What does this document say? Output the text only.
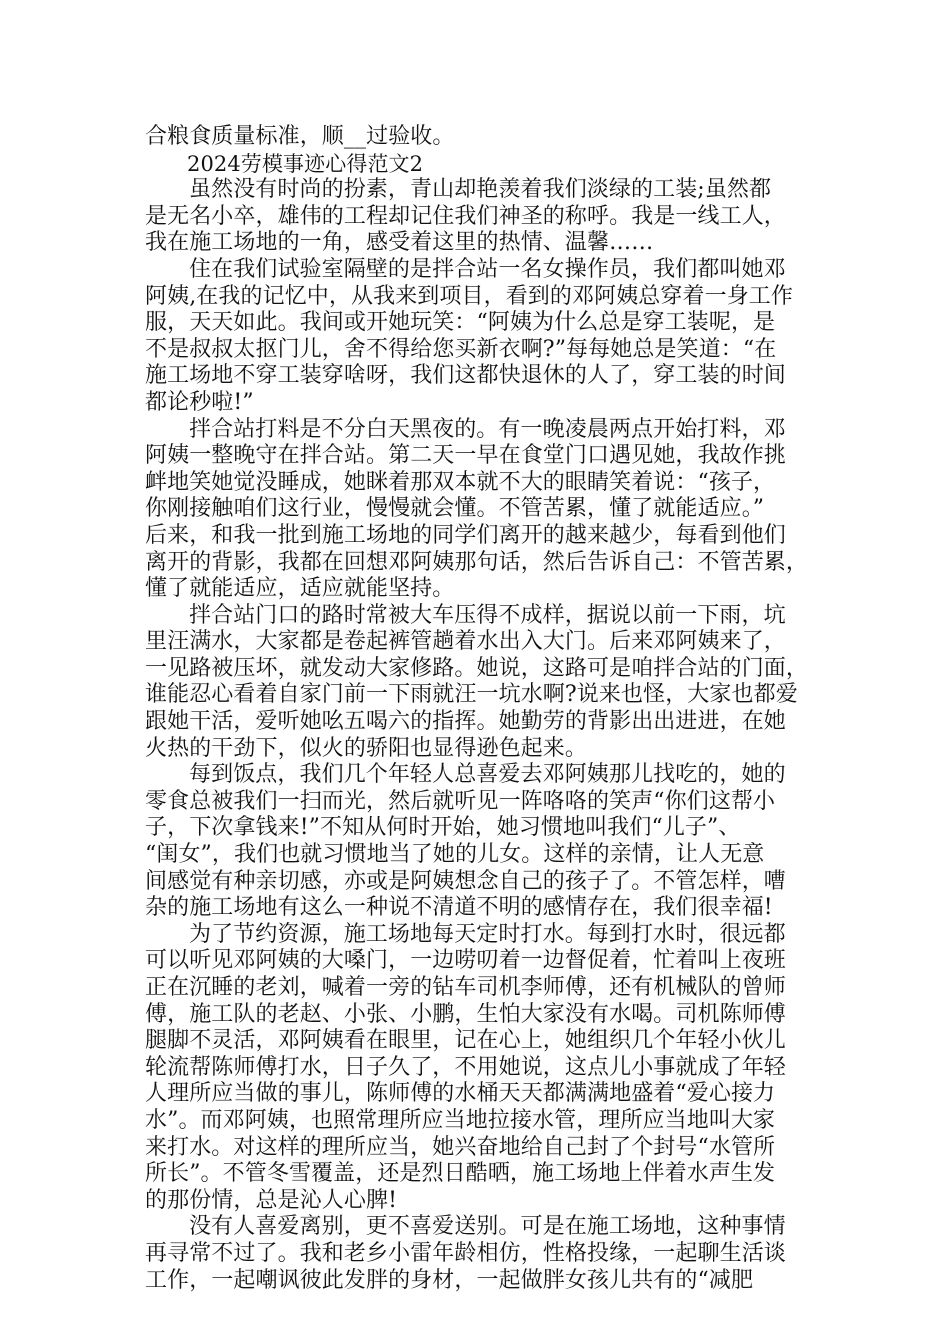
合粮食质量标准，顺__过验收。
2024劳模事迹心得范文2
虽然没有时尚的扮素，青山却艳羡着我们淡绿的工装;虽然都
是无名小卒，雄伟的工程却记住我们神圣的称呼。我是一线工人，
我在施工场地的一角，感受着这里的热情、温馨……
住在我们试验室隔壁的是拌合站一名女操作员，我们都叫她邓
阿姨,在我的记忆中，从我来到项目，看到的邓阿姨总穿着一身工作
服，天天如此。我间或开她玩笑：“阿姨为什么总是穿工装呢，是
不是叔叔太抠门儿，舍不得给您买新衣啊?”每每她总是笑道：“在
施工场地不穿工装穿啥呀，我们这都快退休的人了，穿工装的时间
都论秒啦!”
拌合站打料是不分白天黑夜的。有一晚凌晨两点开始打料，邓
阿姨一整晚守在拌合站。第二天一早在食堂门口遇见她，我故作挑
衅地笑她觉没睡成，她眯着那双本就不大的眼睛笑着说：“孩子，
你刚接触咱们这行业，慢慢就会懂。不管苦累，懂了就能适应。”
后来，和我一批到施工场地的同学们离开的越来越少，每看到他们
离开的背影，我都在回想邓阿姨那句话，然后告诉自己：不管苦累，
懂了就能适应，适应就能坚持。
拌合站门口的路时常被大车压得不成样，据说以前一下雨，坑
里汪满水，大家都是卷起裤管趟着水出入大门。后来邓阿姨来了，
一见路被压坏，就发动大家修路。她说，这路可是咱拌合站的门面，
谁能忍心看着自家门前一下雨就汪一坑水啊?说来也怪，大家也都爱
跟她干活，爱听她吆五喝六的指挥。她勤劳的背影出出进进，在她
火热的干劲下，似火的骄阳也显得逊色起来。
每到饭点，我们几个年轻人总喜爱去邓阿姨那儿找吃的，她的
零食总被我们一扫而光，然后就听见一阵咯咯的笑声“你们这帮小
子，下次拿钱来!”不知从何时开始，她习惯地叫我们“儿子”、
“闺女”，我们也就习惯地当了她的儿女。这样的亲情，让人无意
间感觉有种亲切感，亦或是阿姨想念自己的孩子了。不管怎样，嘈
杂的施工场地有这么一种说不清道不明的感情存在，我们很幸福!
为了节约资源，施工场地每天定时打水。每到打水时，很远都
可以听见邓阿姨的大嗓门，一边唠叨着一边督促着，忙着叫上夜班
正在沉睡的老刘，喊着一旁的钻车司机李师傅，还有机械队的曾师
傅，施工队的老赵、小张、小鹏，生怕大家没有水喝。司机陈师傅
腿脚不灵活，邓阿姨看在眼里，记在心上，她组织几个年轻小伙儿
轮流帮陈师傅打水，日子久了，不用她说，这点儿小事就成了年轻
人理所应当做的事儿，陈师傅的水桶天天都满满地盛着“爱心接力
水”。而邓阿姨，也照常理所应当地拉接水管，理所应当地叫大家
来打水。对这样的理所应当，她兴奋地给自己封了个封号“水管所
所长”。不管冬雪覆盖，还是烈日酷晒，施工场地上伴着水声生发
的那份情，总是沁人心脾!
没有人喜爱离别，更不喜爱送别。可是在施工场地，这种事情
再寻常不过了。我和老乡小雷年龄相仿，性格投缘，一起聊生活谈
工作，一起嘲讽彼此发胖的身材，一起做胖女孩儿共有的“减肥
